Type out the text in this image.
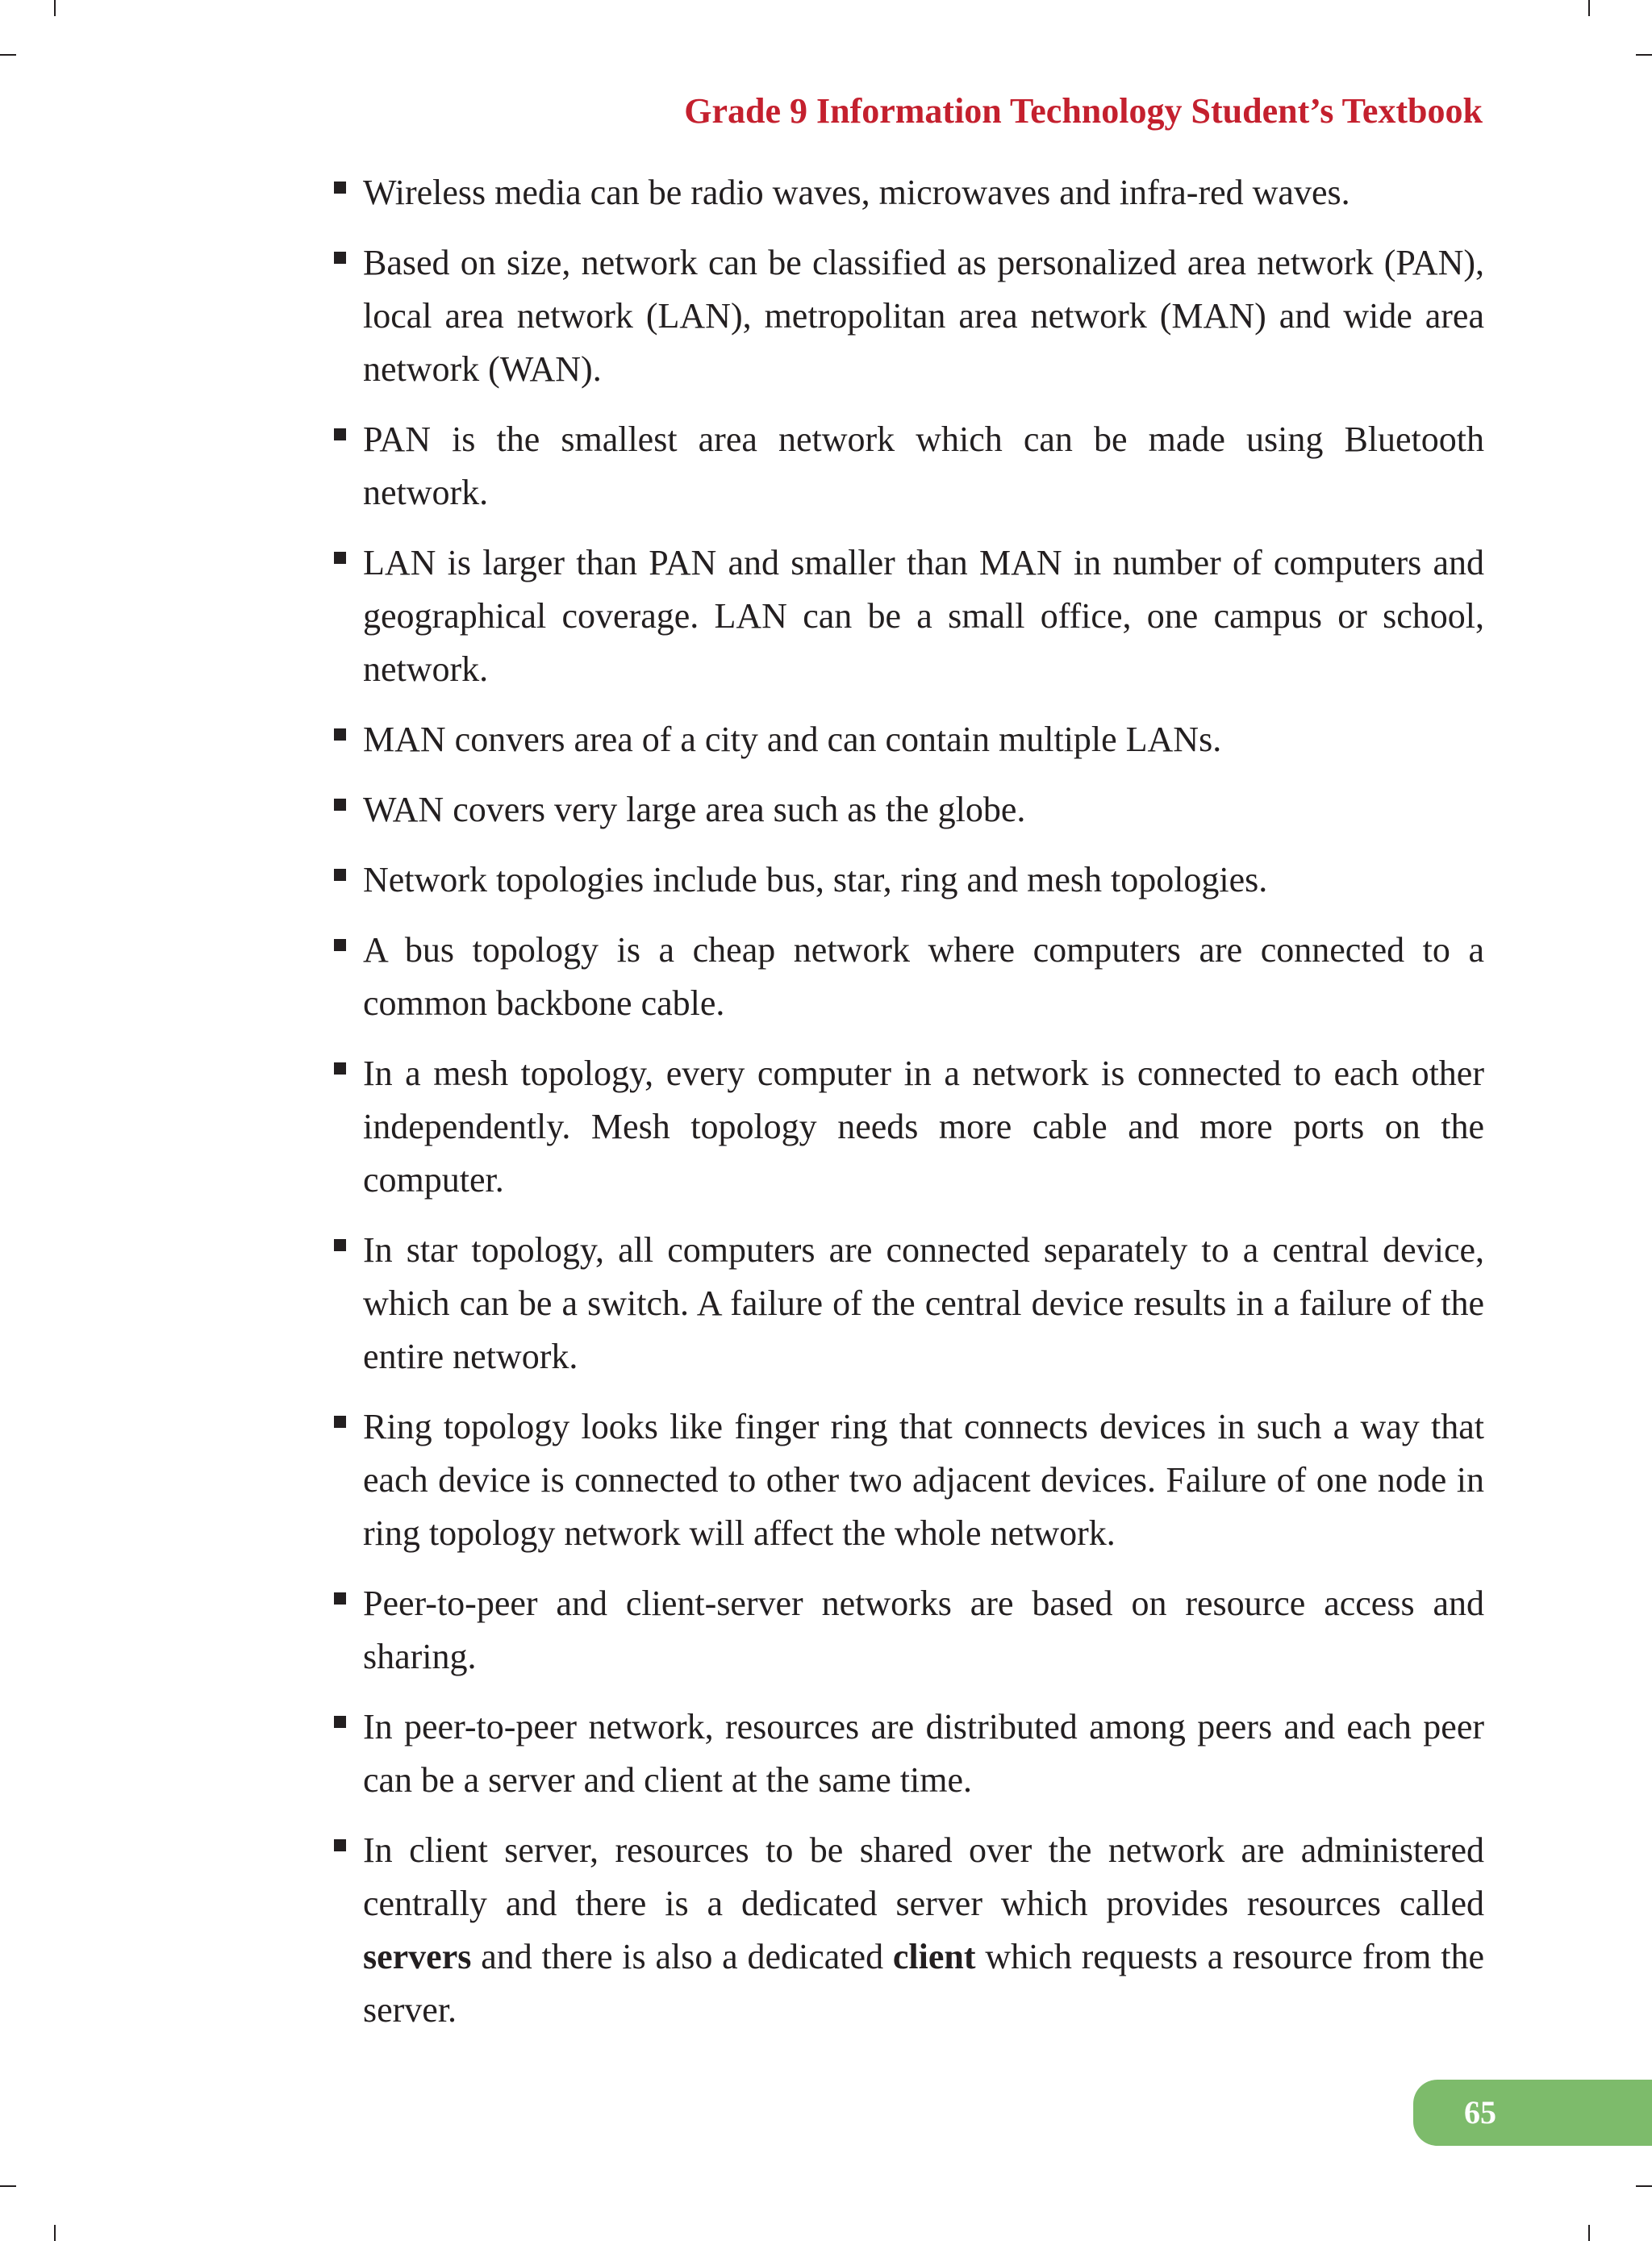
Grade 9 Information Technology Student’s Textbook
Wireless media can be radio waves, microwaves and infra-red waves.
Based on size, network can be classified as personalized area network (PAN), local area network (LAN), metropolitan area network (MAN) and wide area network (WAN).
PAN is the smallest area network which can be made using Bluetooth network.
LAN is larger than PAN and smaller than MAN in number of computers and geographical coverage. LAN can be a small office, one campus or school, network.
MAN convers area of a city and can contain multiple LANs.
WAN covers very large area such as the globe.
Network topologies include bus, star, ring and mesh topologies.
A bus topology is a cheap network where computers are connected to a common backbone cable.
In a mesh topology, every computer in a network is connected to each other independently. Mesh topology needs more cable and more ports on the computer.
In star topology, all computers are connected separately to a central device, which can be a switch. A failure of the central device results in a failure of the entire network.
Ring topology looks like finger ring that connects devices in such a way that each device is connected to other two adjacent devices. Failure of one node in ring topology network will affect the whole network.
Peer-to-peer and client-server networks are based on resource access and sharing.
In peer-to-peer network, resources are distributed among peers and each peer can be a server and client at the same time.
In client server, resources to be shared over the network are administered centrally and there is a dedicated server which provides resources called servers and there is also a dedicated client which requests a resource from the server.
65
